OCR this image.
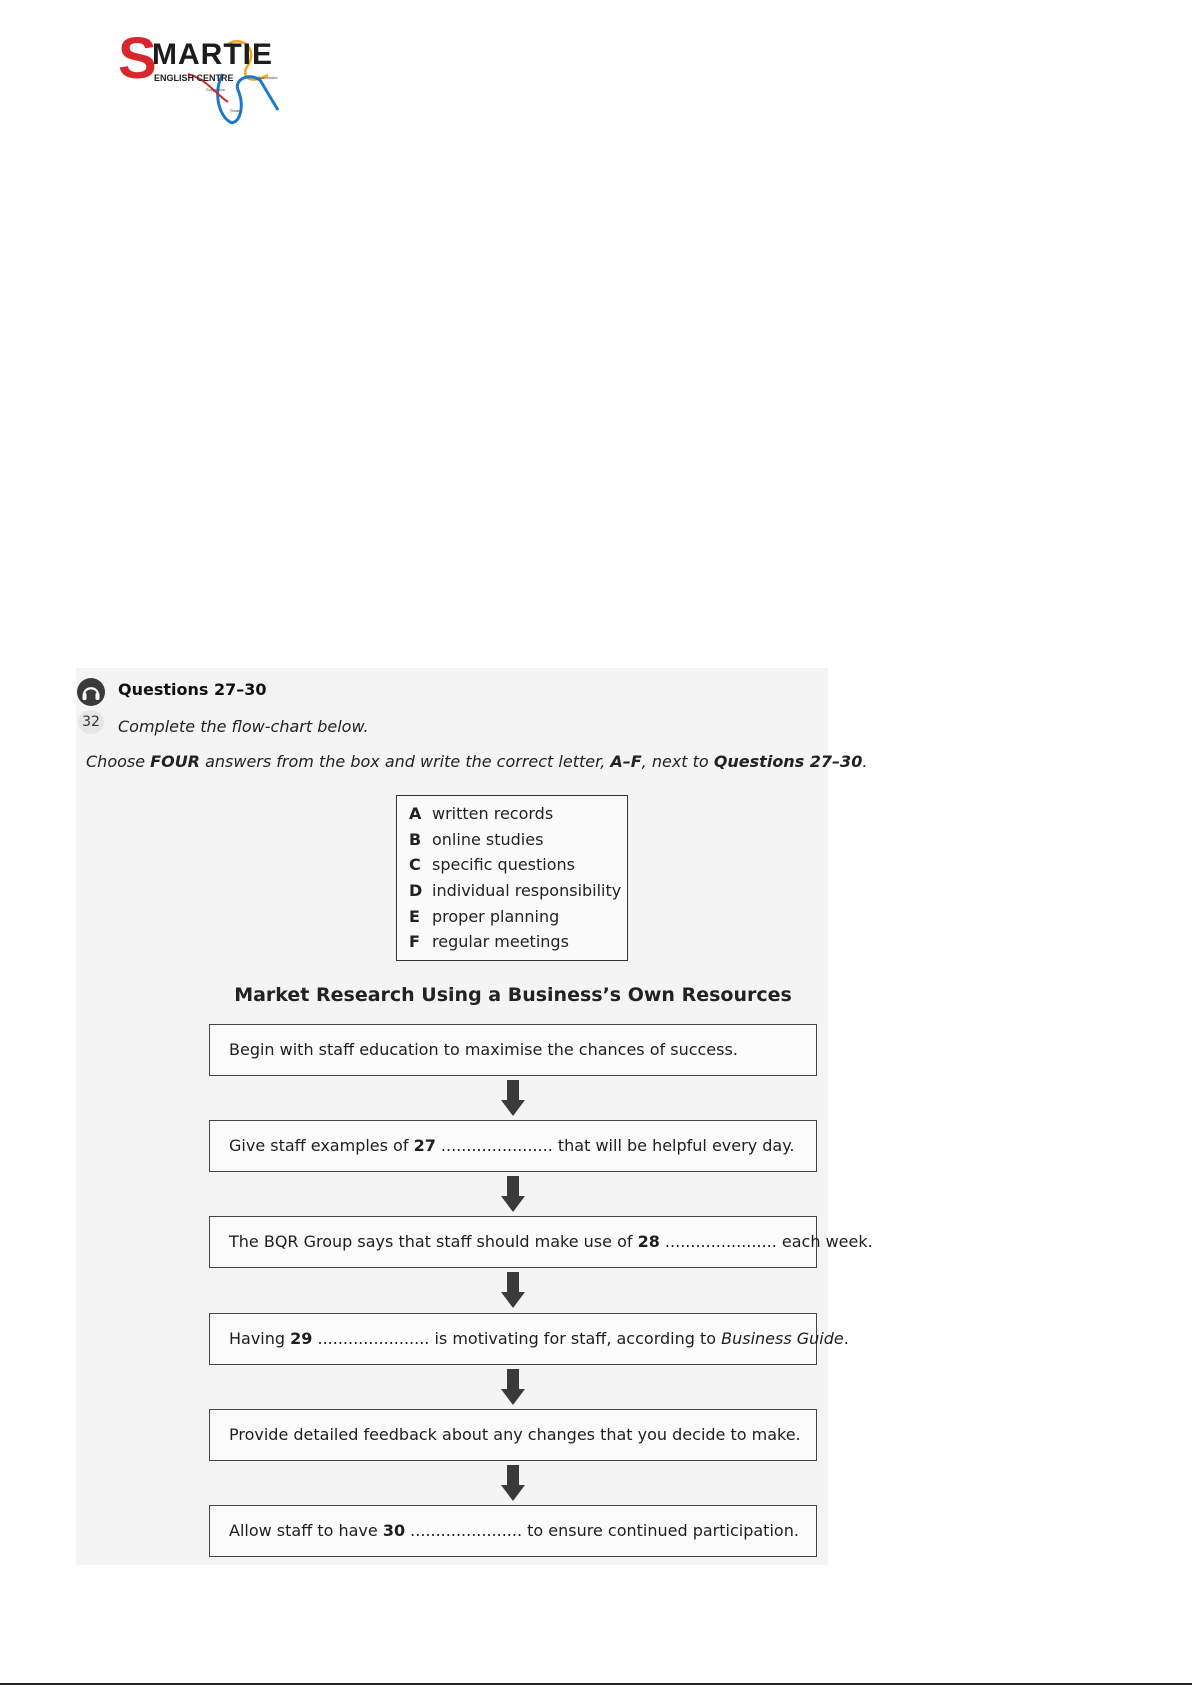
S
MARTIE
ENGLISH CENTRE	Successful
Supportive
Smart
32
Questions 27–30
Complete the flow-chart below.
Choose FOUR answers from the box and write the correct letter, A–F, next to Questions 27–30.
A written records
B online studies
C specific questions
D individual responsibility
E proper planning
F regular meetings
Market Research Using a Business’s Own Resources
Begin with staff education to maximise the chances of success.
Give staff examples of 27 ...................... that will be helpful every day.
The BQR Group says that staff should make use of 28 ...................... each week.
Having 29 ...................... is motivating for staff, according to Business Guide.
Provide detailed feedback about any changes that you decide to make.
Allow staff to have 30 ...................... to ensure continued participation.
